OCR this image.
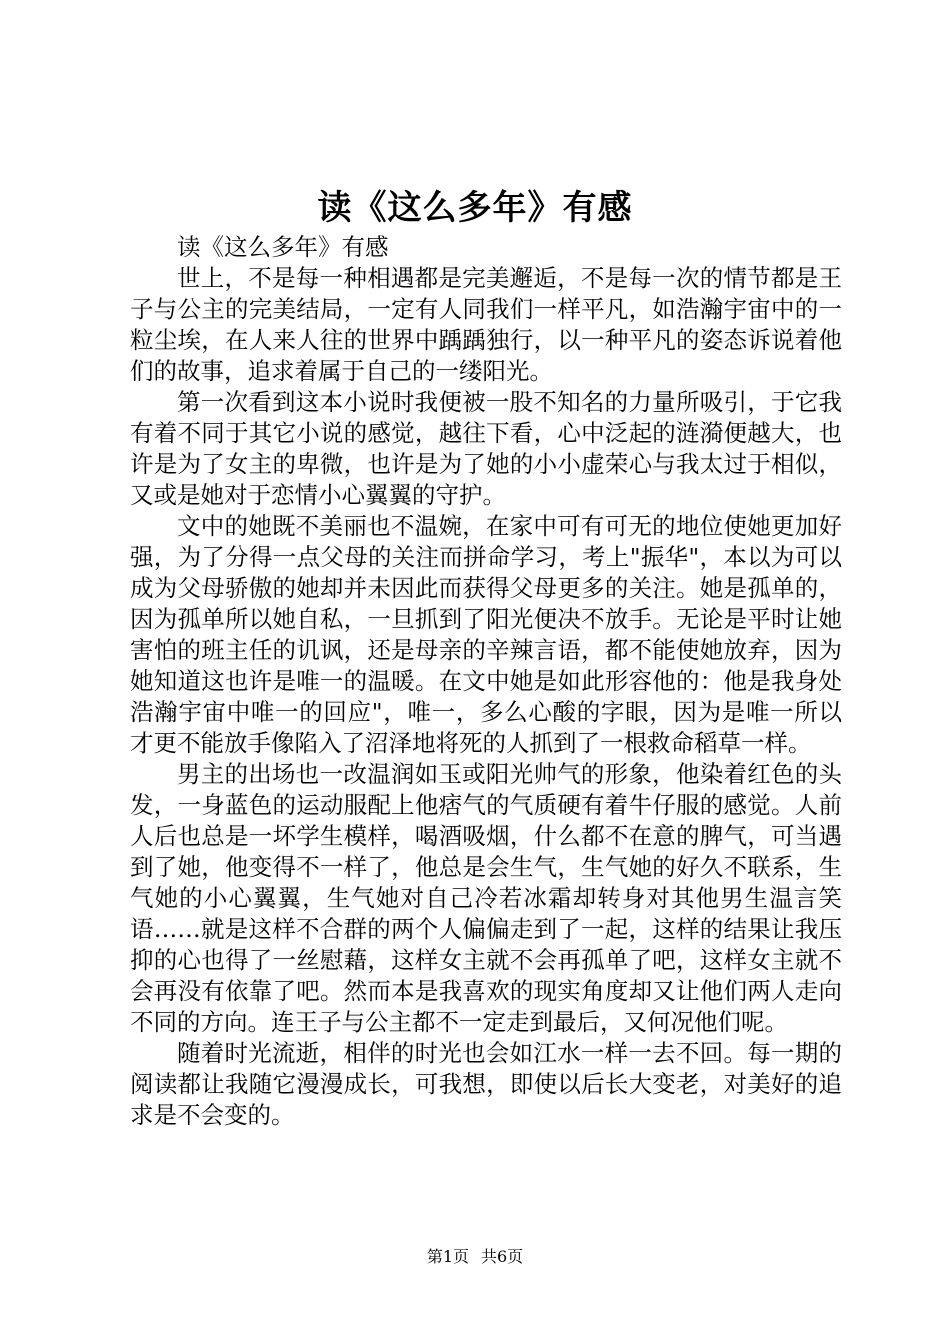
读《这么多年》有感

读《这么多年》有感

世上，不是每一种相遇都是完美邂逅，不是每一次的情节都是王子与公主的完美结局，一定有人同我们一样平凡，如浩瀚宇宙中的一粒尘埃，在人来人往的世界中踽踽独行，以一种平凡的姿态诉说着他们的故事，追求着属于自己的一缕阳光。

第一次看到这本小说时我便被一股不知名的力量所吸引，于它我有着不同于其它小说的感觉，越往下看，心中泛起的涟漪便越大，也许是为了女主的卑微，也许是为了她的小小虚荣心与我太过于相似，又或是她对于恋情小心翼翼的守护。

文中的她既不美丽也不温婉，在家中可有可无的地位使她更加好强，为了分得一点父母的关注而拼命学习，考上"振华"，本以为可以成为父母骄傲的她却并未因此而获得父母更多的关注。她是孤单的，因为孤单所以她自私，一旦抓到了阳光便决不放手。无论是平时让她害怕的班主任的讥讽，还是母亲的辛辣言语，都不能使她放弃，因为她知道这也许是唯一的温暖。在文中她是如此形容他的：他是我身处浩瀚宇宙中唯一的回应"，唯一，多么心酸的字眼，因为是唯一所以才更不能放手像陷入了沼泽地将死的人抓到了一根救命稻草一样。

男主的出场也一改温润如玉或阳光帅气的形象，他染着红色的头发，一身蓝色的运动服配上他痞气的气质硬有着牛仔服的感觉。人前人后也总是一坏学生模样，喝酒吸烟，什么都不在意的脾气，可当遇到了她，他变得不一样了，他总是会生气，生气她的好久不联系，生气她的小心翼翼，生气她对自己冷若冰霜却转身对其他男生温言笑语……就是这样不合群的两个人偏偏走到了一起，这样的结果让我压抑的心也得了一丝慰藉，这样女主就不会再孤单了吧，这样女主就不会再没有依靠了吧。然而本是我喜欢的现实角度却又让他们两人走向不同的方向。连王子与公主都不一定走到最后，又何况他们呢。

随着时光流逝，相伴的时光也会如江水一样一去不回。每一期的阅读都让我随它漫漫成长，可我想，即使以后长大变老，对美好的追求是不会变的。

第1页 共6页
